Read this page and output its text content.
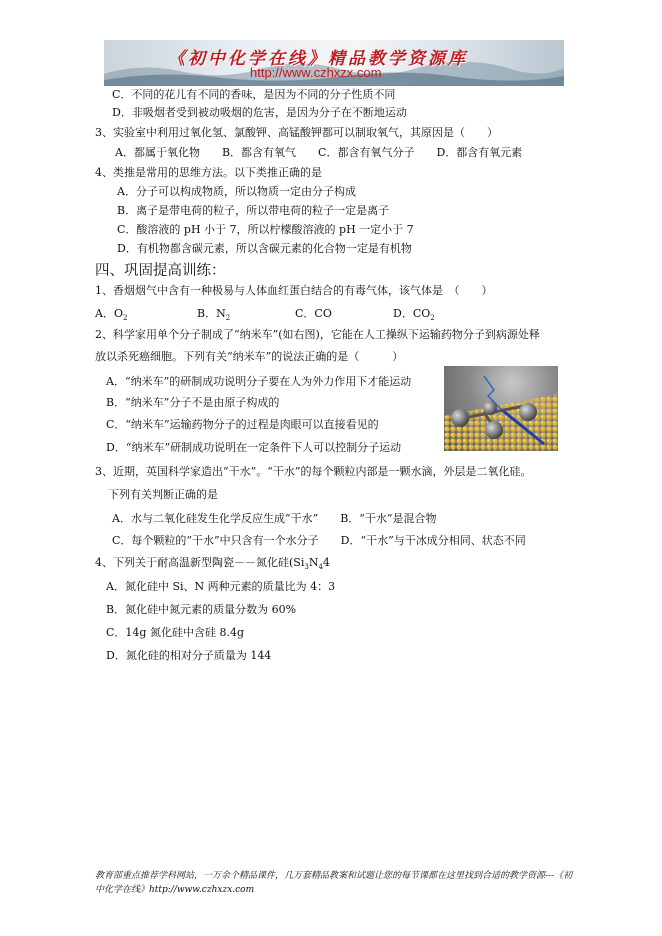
《初中化学在线》精品教学资源库
http://www.czhxzx.com
C．不同的花儿有不同的香味，是因为不同的分子性质不同
D．非吸烟者受到被动吸烟的危害，是因为分子在不断地运动
3、实验室中利用过氧化氢、氯酸钾、高锰酸钾都可以制取氧气，其原因是（　　）
A．都属于氧化物　　B．都含有氧气　　C．都含有氧气分子　　D．都含有氧元素
4、类推是常用的思维方法。以下类推正确的是
A．分子可以构成物质，所以物质一定由分子构成
B．离子是带电荷的粒子，所以带电荷的粒子一定是离子
C．酸溶液的 pH 小于 7，所以柠檬酸溶液的 pH 一定小于 7
D．有机物都含碳元素，所以含碳元素的化合物一定是有机物
四、巩固提高训练：
1、香烟烟气中含有一种极易与人体血红蛋白结合的有毒气体，该气体是　（　　）
A．$O_2$	B．$N_2$	C．CO	D．$CO_2$
2、科学家用单个分子制成了“纳米车”(如右图)，它能在人工操纵下运输药物分子到病源处释
放以杀死癌细胞。下列有关“纳米车”的说法正确的是（　　　）
A．“纳米车”的研制成功说明分子要在人为外力作用下才能运动
B．“纳米车”分子不是由原子构成的
C．“纳米车”运输药物分子的过程是肉眼可以直接看见的
D．“纳米车”研制成功说明在一定条件下人可以控制分子运动
3、近期，英国科学家造出“干水”。“干水”的每个颗粒内部是一颗水滴，外层是二氧化硅。
下列有关判断正确的是
A．水与二氧化硅发生化学反应生成“干水”　　B．“干水”是混合物
C．每个颗粒的“干水”中只含有一个水分子　　D．“干水”与干冰成分相同、状态不同
4、下列关于耐高温新型陶瓷－－氮化硅($Si_3N_44$
A．氮化硅中 Si、N 两种元素的质量比为 4：3
B．氮化硅中氮元素的质量分数为 60%
C．14g 氮化硅中含硅 8.4g
D．氮化硅的相对分子质量为 144
教育部重点推荐学科网站，一万余个精品课件，几万套精品教案和试题让您的每节课都在这里找到合适的教学资源---《初中化学在线》http://www.czhxzx.com
